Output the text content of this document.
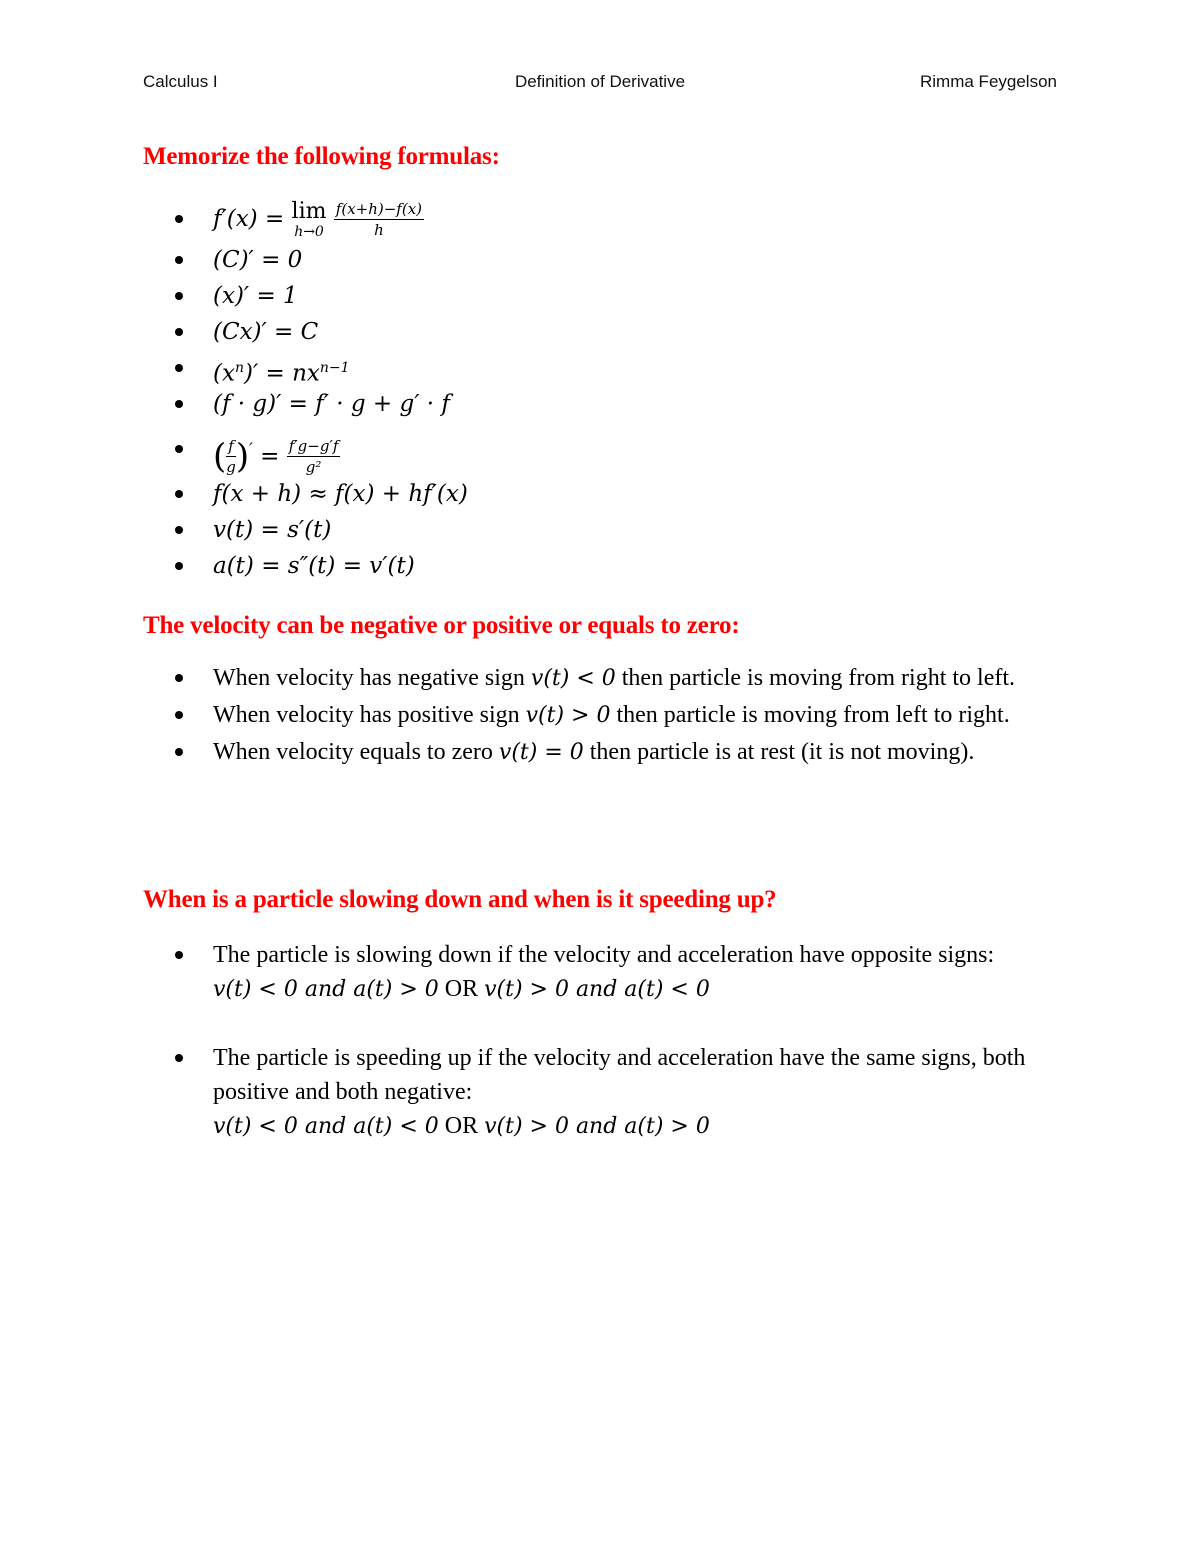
Calculus I	Definition of Derivative	Rimma Feygelson
Memorize the following formulas:
f′(x) = lim
h→0
$\frac{f(x+h)-f(x)}{h}$
(C)′ = 0
(x)′ = 1
(Cx)′ = C
$(x^n)' = nx^{n-1}$
(f · g)′ = f′ · g + g′ · f
( $\frac{f}{g} )' = \frac{f'g-g'f}{\text{g²}}$
f(x + h) ≈ f(x) + hf′(x)
v(t) = s′(t)
a(t) = s″(t) = v′(t)
The velocity can be negative or positive or equals to zero:
When velocity has negative sign v(t) < 0 then particle is moving from right to left.
When velocity has positive sign v(t) > 0 then particle is moving from left to right.
When velocity equals to zero v(t) = 0 then particle is at rest (it is not moving).
When is a particle slowing down and when is it speeding up?
The particle is slowing down if the velocity and acceleration have opposite signs:
v(t) < 0 and a(t) > 0 OR v(t) > 0 and a(t) < 0
The particle is speeding up if the velocity and acceleration have the same signs, both positive and both negative:
v(t) < 0 and a(t) < 0 OR v(t) > 0 and a(t) > 0
